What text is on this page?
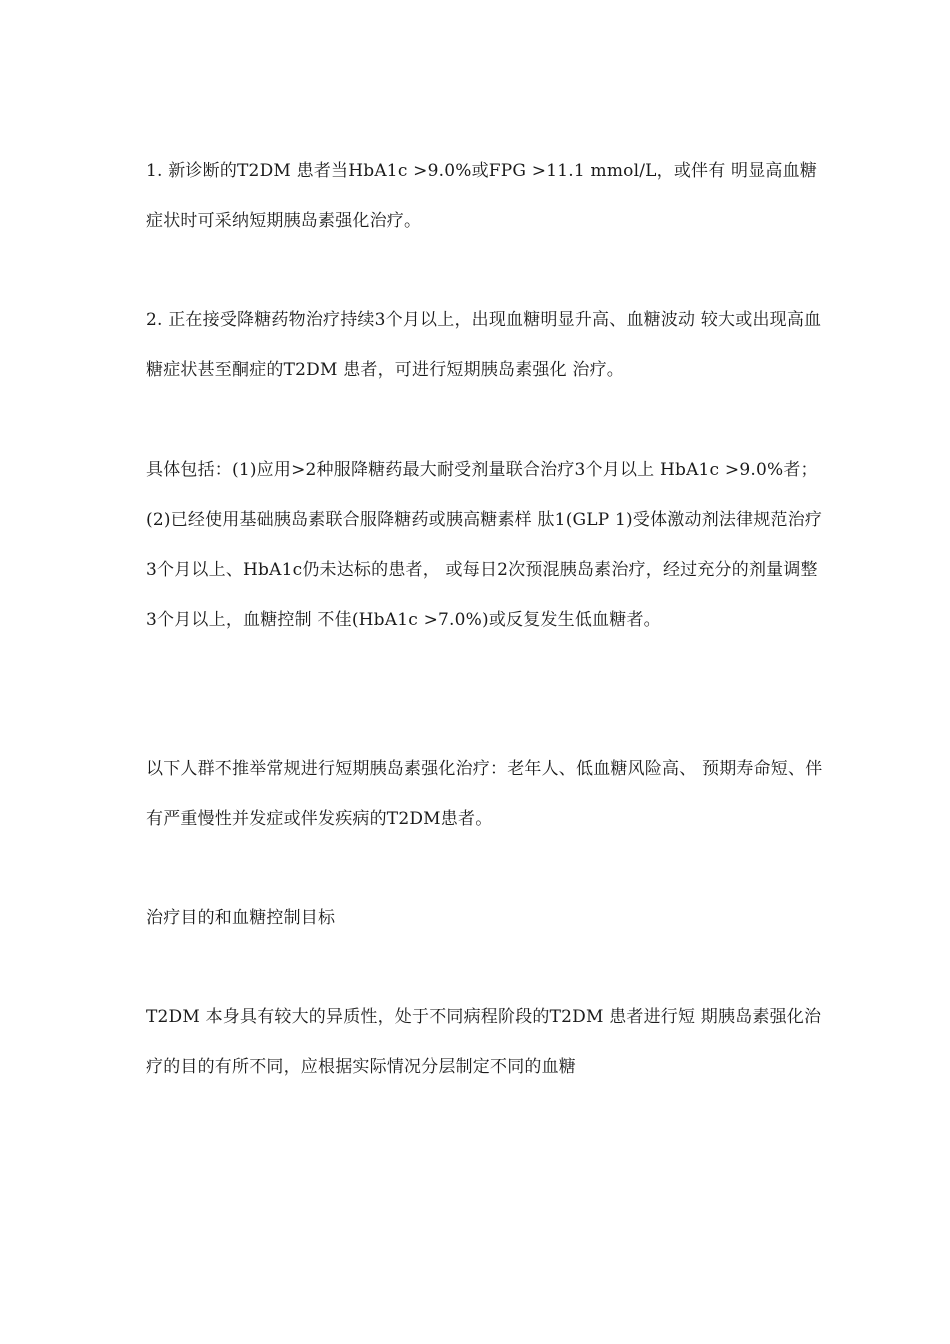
1. 新诊断的T2DM 患者当HbA1c >9.0%或FPG >11.1 mmol/L，或伴有 明显高血糖症状时可采纳短期胰岛素强化治疗。

2. 正在接受降糖药物治疗持续3个月以上，出现血糖明显升高、血糖波动 较大或出现高血糖症状甚至酮症的T2DM 患者，可进行短期胰岛素强化 治疗。

具体包括：(1)应用>2种服降糖药最大耐受剂量联合治疗3个月以上 HbA1c >9.0%者；(2)已经使用基础胰岛素联合服降糖药或胰高糖素样 肽1(GLP 1)受体激动剂法律规范治疗3个月以上、HbA1c仍未达标的患者， 或每日2次预混胰岛素治疗，经过充分的剂量调整3个月以上，血糖控制 不佳(HbA1c >7.0%)或反复发生低血糖者。

以下人群不推举常规进行短期胰岛素强化治疗：老年人、低血糖风险高、 预期寿命短、伴有严重慢性并发症或伴发疾病的T2DM患者。

治疗目的和血糖控制目标

T2DM 本身具有较大的异质性，处于不同病程阶段的T2DM 患者进行短 期胰岛素强化治疗的目的有所不同，应根据实际情况分层制定不同的血糖
